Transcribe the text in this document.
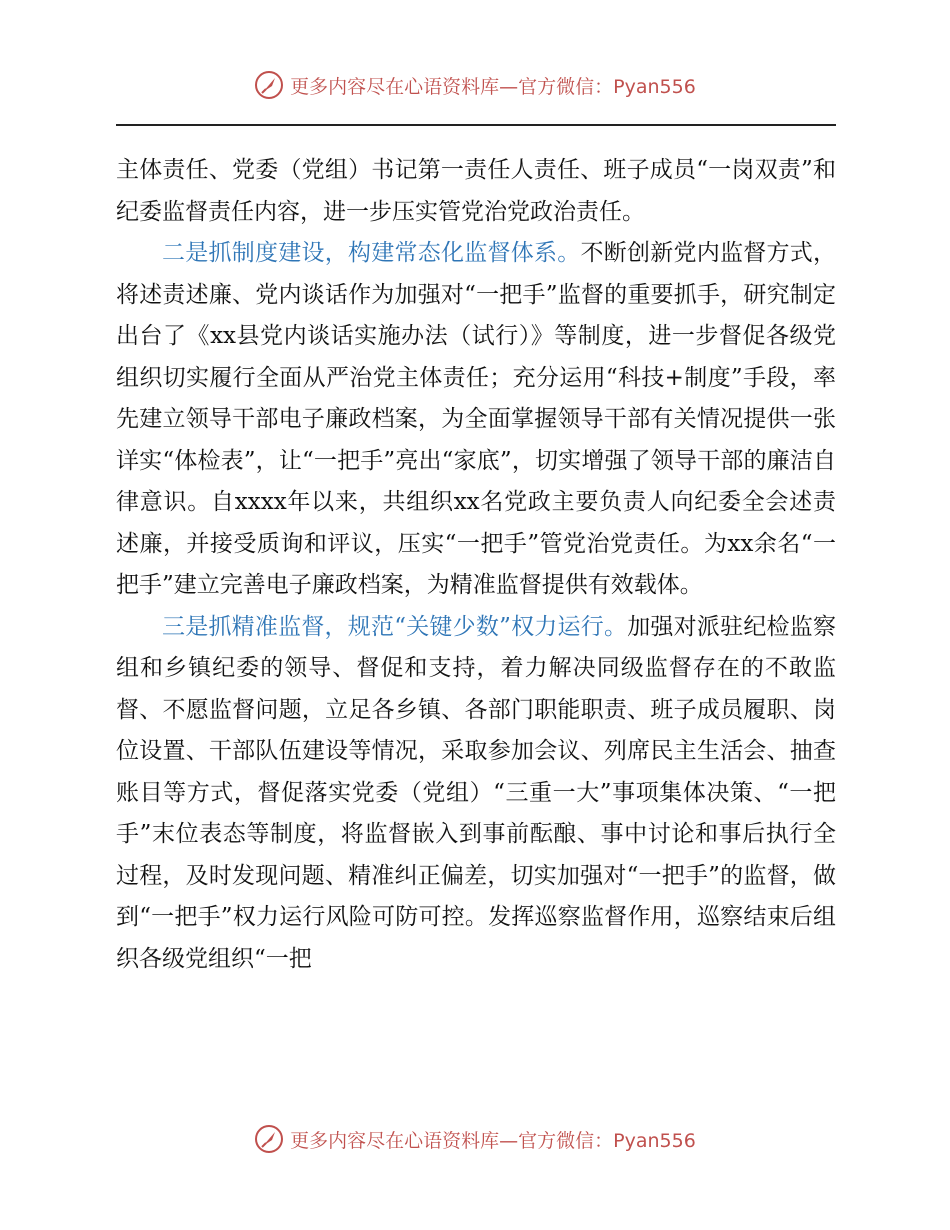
更多内容尽在心语资料库—官方微信：Pyan556

主体责任、党委（党组）书记第一责任人责任、班子成员“一岗双责”和纪委监督责任内容，进一步压实管党治党政治责任。

二是抓制度建设，构建常态化监督体系。不断创新党内监督方式，将述责述廉、党内谈话作为加强对“一把手”监督的重要抓手，研究制定出台了《xx县党内谈话实施办法（试行）》等制度，进一步督促各级党组织切实履行全面从严治党主体责任；充分运用“科技+制度”手段，率先建立领导干部电子廉政档案，为全面掌握领导干部有关情况提供一张详实“体检表”，让“一把手”亮出“家底”，切实增强了领导干部的廉洁自律意识。自xxxx年以来，共组织xx名党政主要负责人向纪委全会述责述廉，并接受质询和评议，压实“一把手”管党治党责任。为xx余名“一把手”建立完善电子廉政档案，为精准监督提供有效载体。

三是抓精准监督，规范“关键少数”权力运行。加强对派驻纪检监察组和乡镇纪委的领导、督促和支持，着力解决同级监督存在的不敢监督、不愿监督问题，立足各乡镇、各部门职能职责、班子成员履职、岗位设置、干部队伍建设等情况，采取参加会议、列席民主生活会、抽查账目等方式，督促落实党委（党组）“三重一大”事项集体决策、“一把手”末位表态等制度，将监督嵌入到事前酝酿、事中讨论和事后执行全过程，及时发现问题、精准纠正偏差，切实加强对“一把手”的监督，做到“一把手”权力运行风险可防可控。发挥巡察监督作用，巡察结束后组织各级党组织“一把

更多内容尽在心语资料库—官方微信：Pyan556
